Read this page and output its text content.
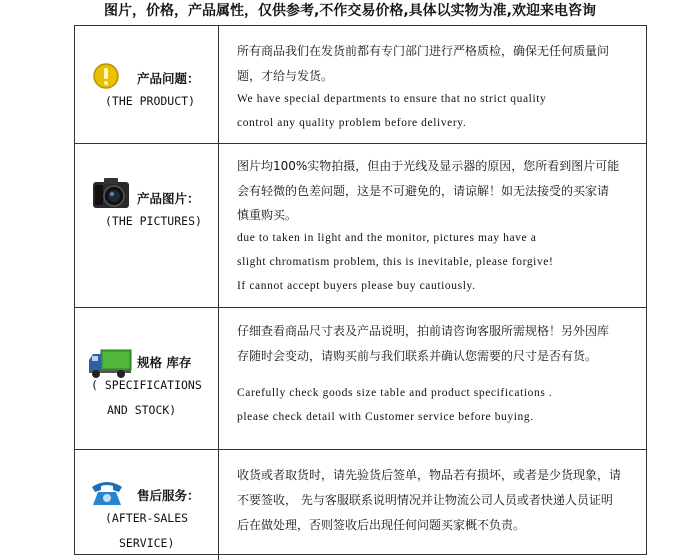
图片，价格，产品属性，仅供参考,不作交易价格,具体以实物为准,欢迎来电咨询
产品问题：
(THE PRODUCT)
所有商品我们在发货前都有专门部门进行严格质检，确保无任何质量问
题，才给与发货。
We have special departments to ensure that no strict quality
control any quality problem before delivery.
产品图片：
(THE PICTURES)
图片均100%实物拍摄，但由于光线及显示器的原因，您所看到图片可能
会有轻微的色差问题，这是不可避免的，请谅解！如无法接受的买家请
慎重购买。
due to taken in light and the monitor, pictures may have a
slight chromatism problem, this is inevitable, please forgive!
If cannot accept buyers please buy cautiously.
规格 库存
( SPECIFICATIONS
AND STOCK)
仔细查看商品尺寸表及产品说明，拍前请咨询客服所需规格！另外因库
存随时会变动，请购买前与我们联系并确认您需要的尺寸是否有货。
Carefully check goods size table and product specifications .
please check detail with Customer service before buying.
售后服务：
(AFTER-SALES
SERVICE)
收货或者取货时，请先验货后签单，物品若有损坏，或者是少货现象，请
不要签收， 先与客服联系说明情况并让物流公司人员或者快递人员证明
后在做处理，否则签收后出现任何问题买家概不负责。
